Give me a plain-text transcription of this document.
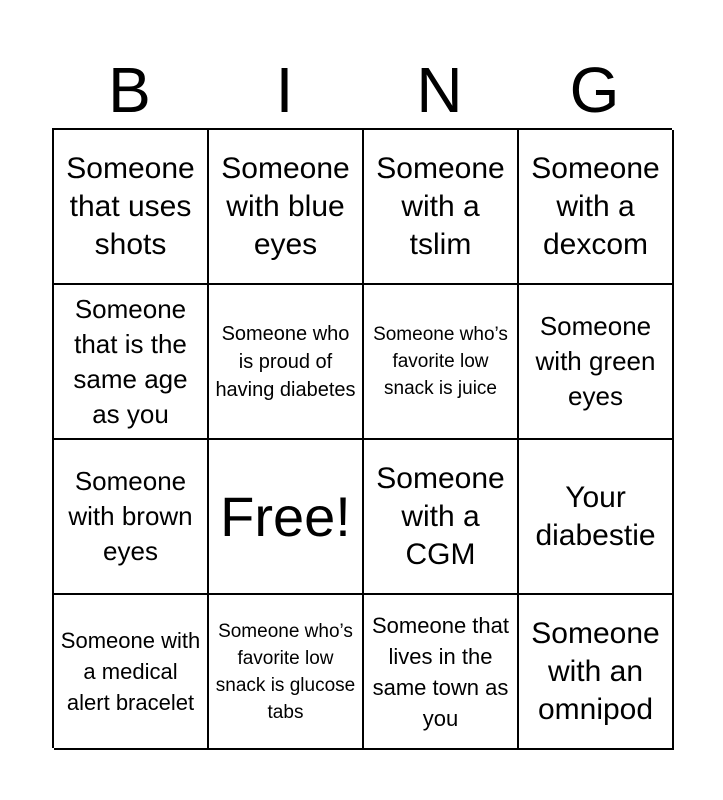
B	I	N	G
Someone that uses shots
Someone with blue eyes
Someone with a tslim
Someone with a dexcom
Someone that is the same age as you
Someone who is proud of having diabetes
Someone who’s favorite low snack is juice
Someone with green eyes
Someone with brown eyes
Free!
Someone with a CGM
Your diabestie
Someone with a medical alert bracelet
Someone who’s favorite low snack is glucose tabs
Someone that lives in the same town as you
Someone with an omnipod
